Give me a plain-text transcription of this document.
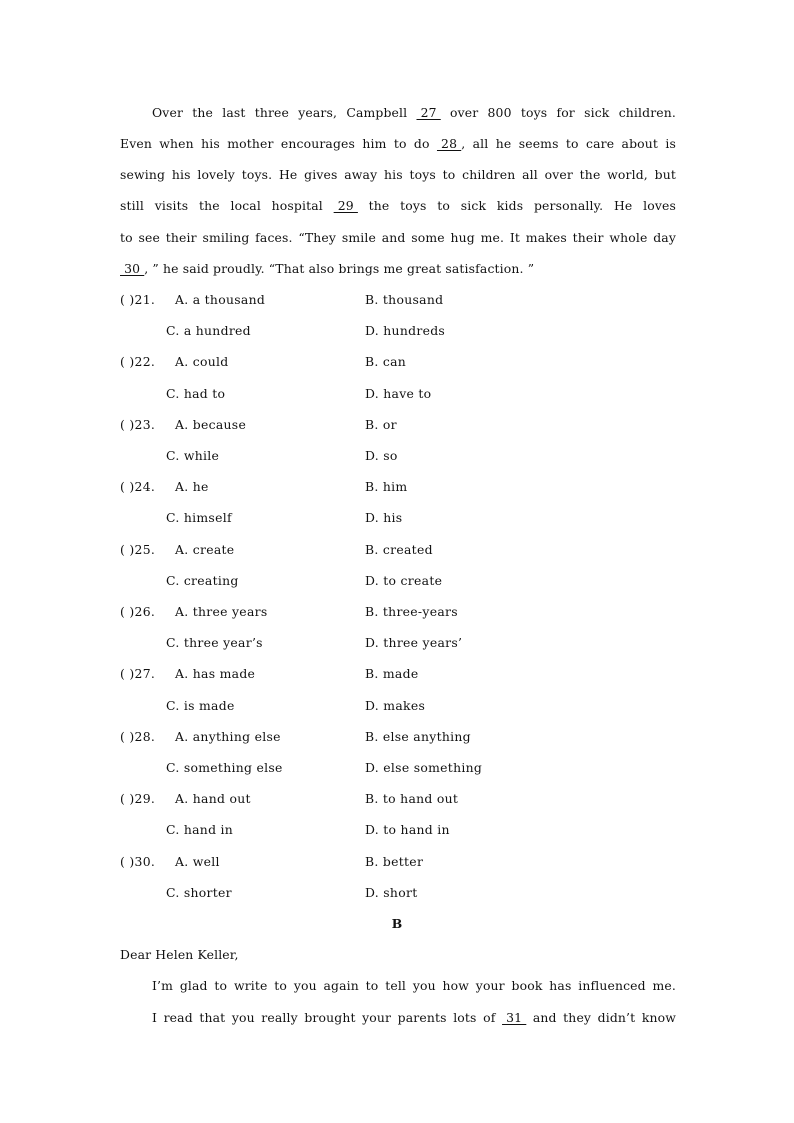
Over the last three years, Campbell  27  over 800 toys for sick children.
Even when his mother encourages him to do  28 , all he seems to care about is
sewing his lovely toys. He gives away his toys to children all over the world, but
still visits the local hospital  29  the toys to sick kids personally. He loves
to see their smiling faces. “They smile and some hug me. It makes their whole day
30 , ” he said proudly. “That also brings me great satisfaction. ”
( )21. A. a thousand	B. thousand
C. a hundred	D. hundreds
( )22. A. could	B. can
C. had to	D. have to
( )23. A. because	B. or
C. while	D. so
( )24. A. he	B. him
C. himself	D. his
( )25. A. create	B. created
C. creating	D. to create
( )26. A. three years	B. three-years
C. three year’s	D. three years’
( )27. A. has made	B. made
C. is made	D. makes
( )28. A. anything else	B. else anything
C. something else	D. else something
( )29. A. hand out	B. to hand out
C. hand in	D. to hand in
( )30. A. well	B. better
C. shorter	D. short
B
Dear Helen Keller,
I’m glad to write to you again to tell you how your book has influenced me.
I read that you really brought your parents lots of  31  and they didn’t know
